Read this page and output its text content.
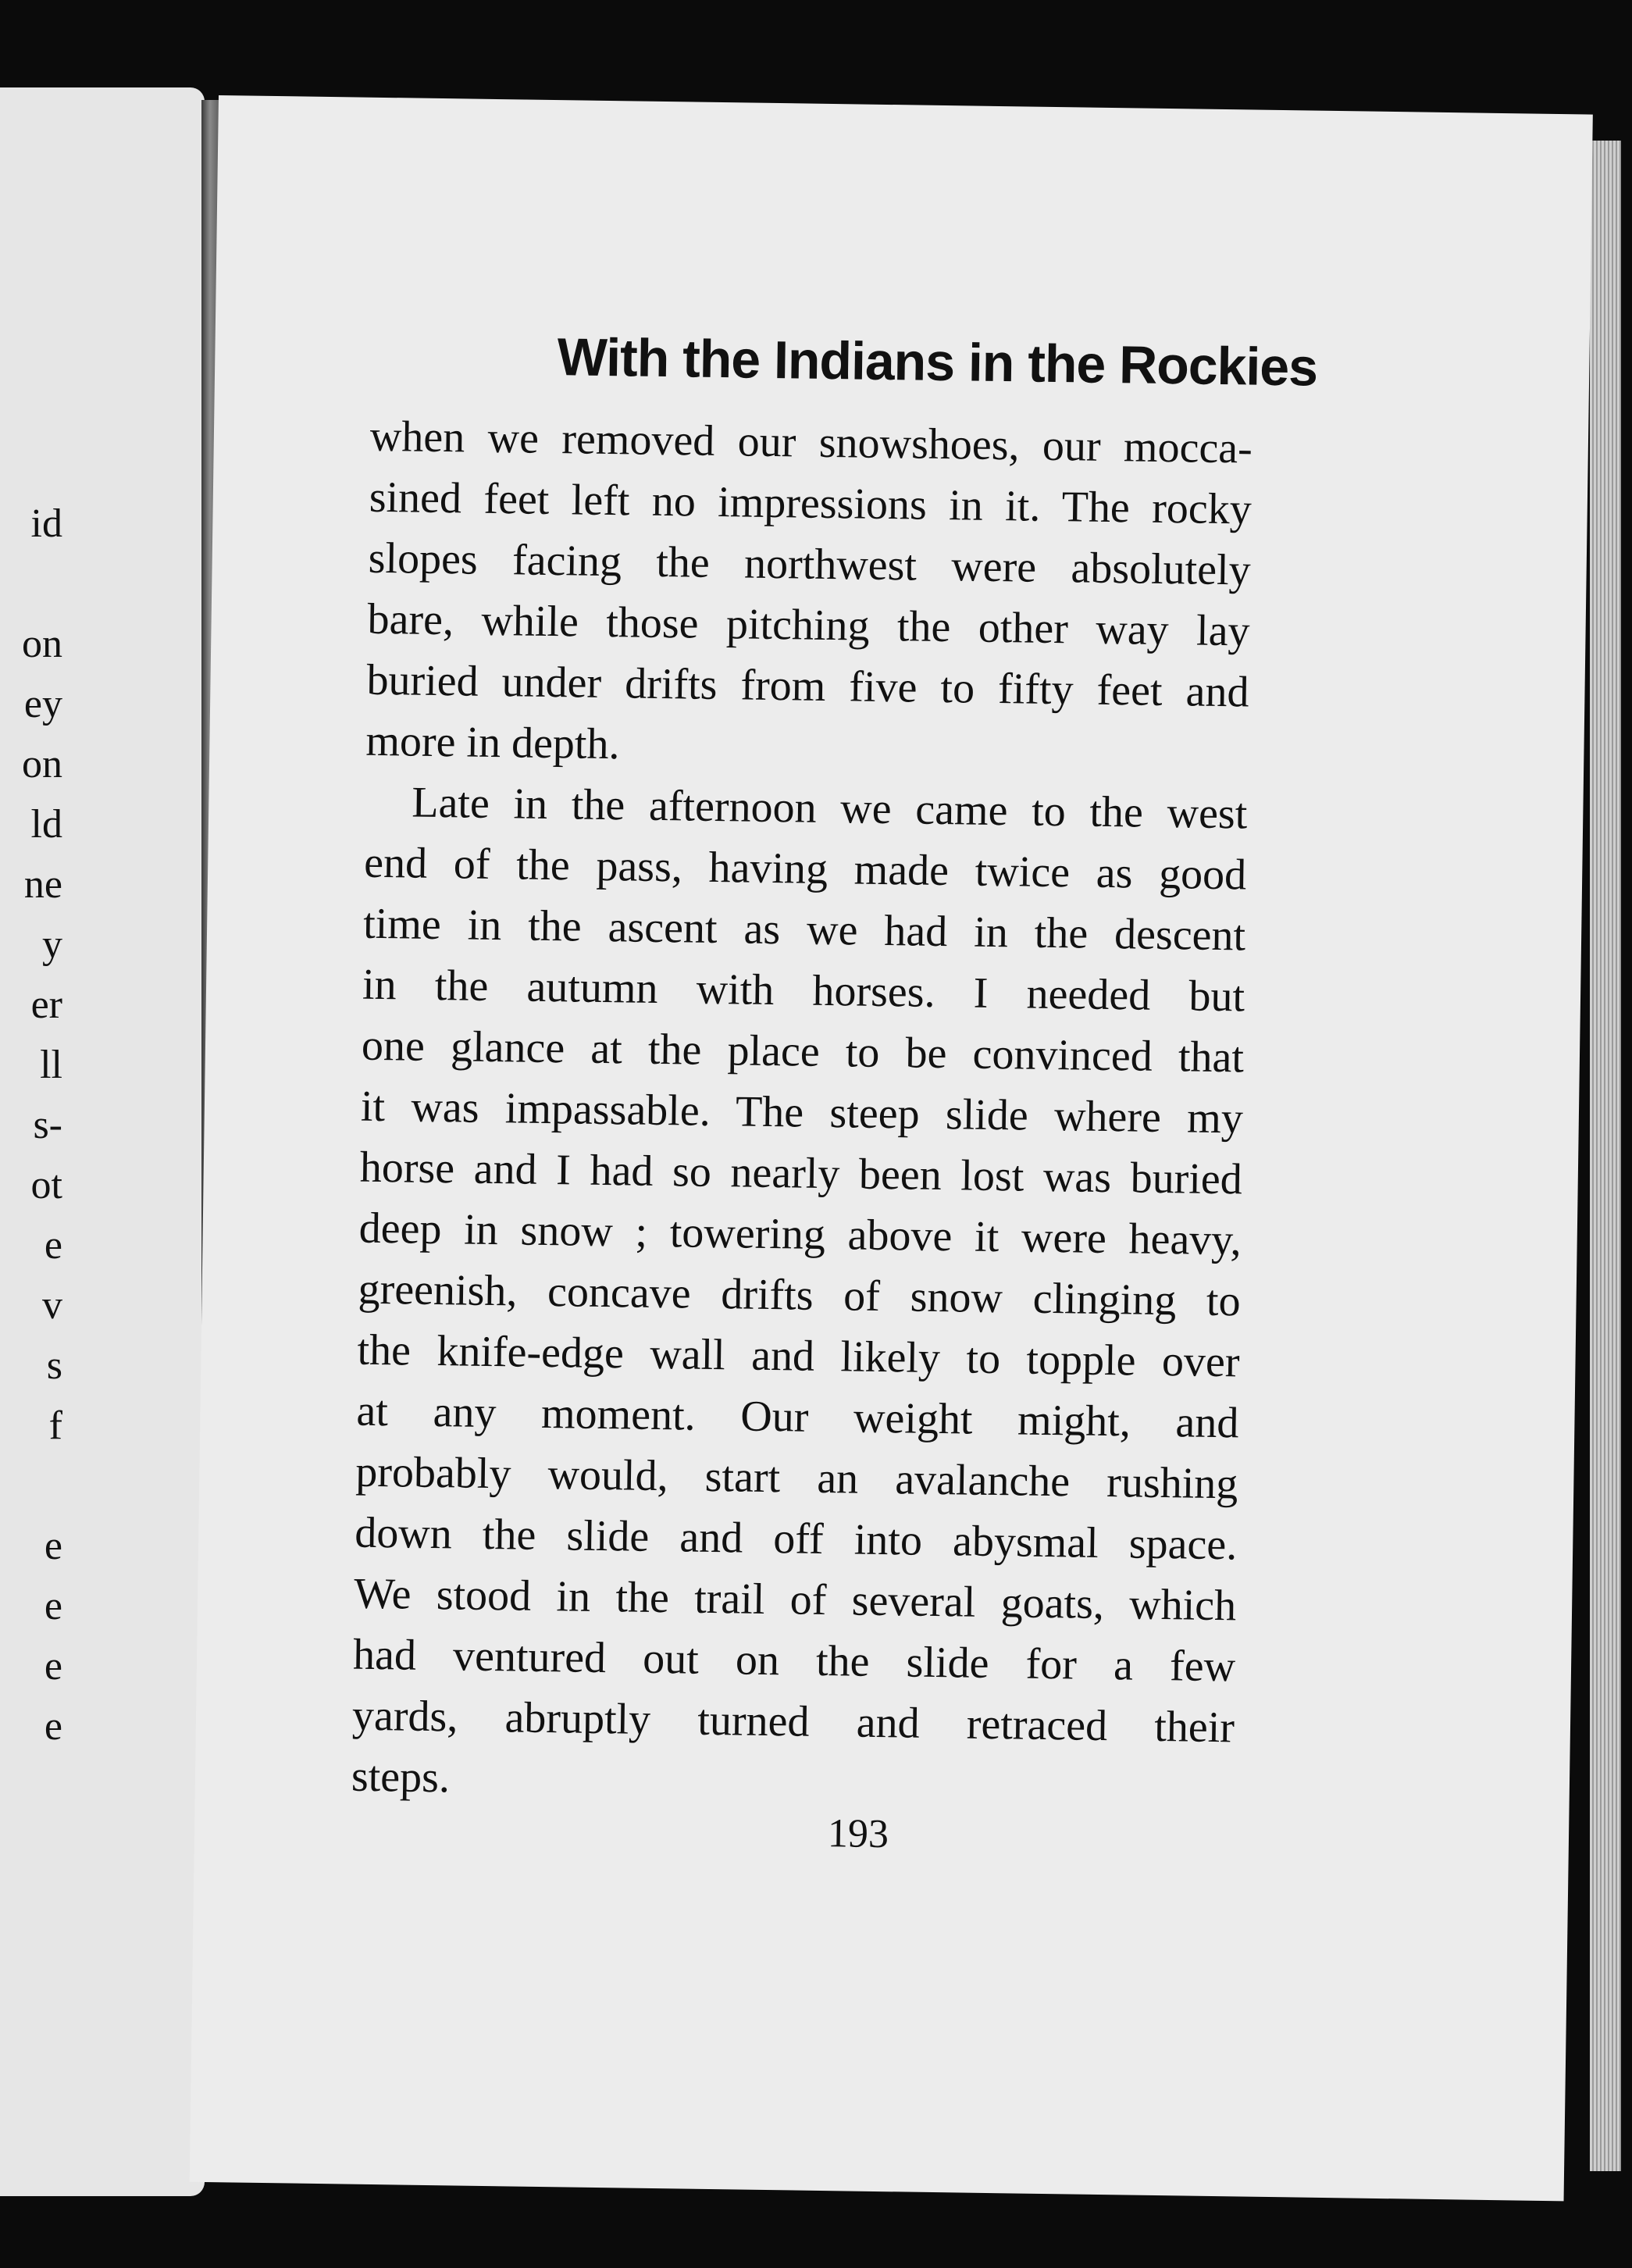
id
on
ey
on
ld
ne
y
er
ll
s-
ot
e
v
s
f
e
e
e
e
With the Indians in the Rockies

when we removed our snowshoes, our mocca-
sined feet left no impressions in it. The rocky
slopes facing the northwest were absolutely
bare, while those pitching the other way lay
buried under drifts from five to fifty feet and
more in depth.

Late in the afternoon we came to the west
end of the pass, having made twice as good
time in the ascent as we had in the descent
in the autumn with horses. I needed but
one glance at the place to be convinced that
it was impassable. The steep slide where my
horse and I had so nearly been lost was buried
deep in snow ; towering above it were heavy,
greenish, concave drifts of snow clinging to
the knife-edge wall and likely to topple over
at any moment. Our weight might, and
probably would, start an avalanche rushing
down the slide and off into abysmal space.
We stood in the trail of several goats, which
had ventured out on the slide for a few
yards, abruptly turned and retraced their
steps.

193
